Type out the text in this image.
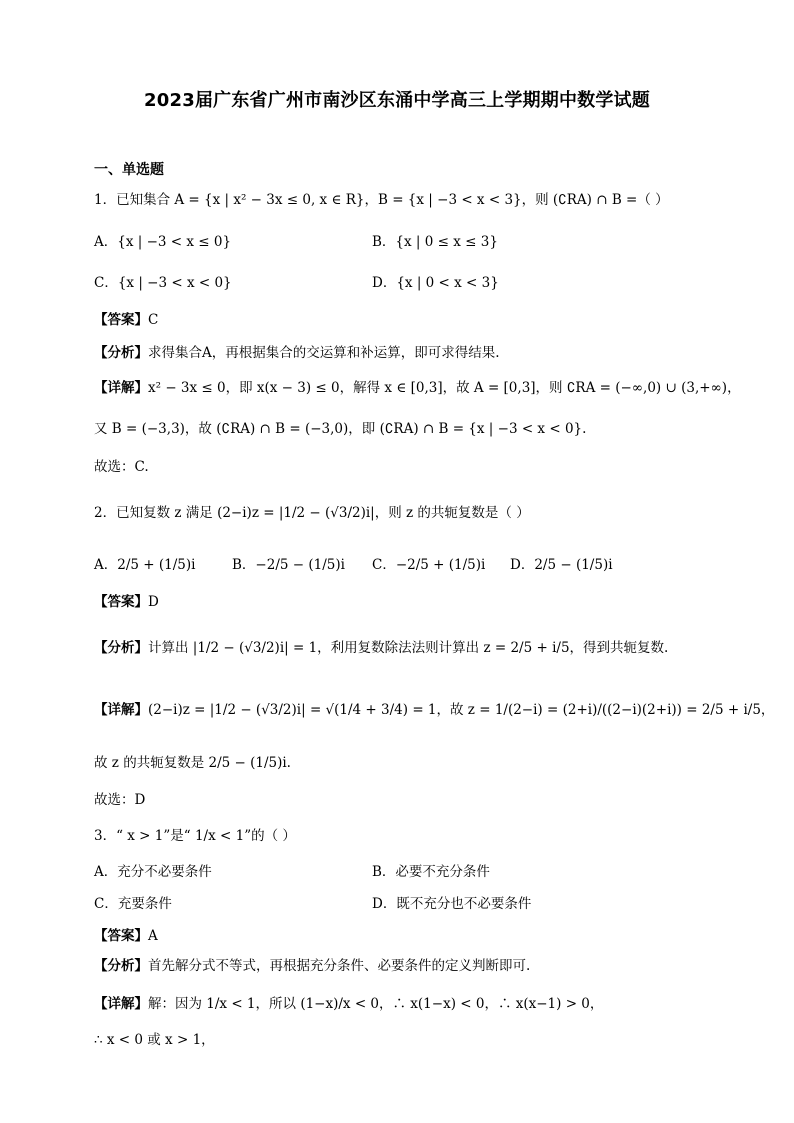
2023届广东省广州市南沙区东涌中学高三上学期期中数学试题
一、单选题
1．已知集合 A = {x | x² − 3x ≤ 0, x ∈ R}，B = {x | −3 < x < 3}，则 (∁RA) ∩ B =（ ）
A．{x | −3 < x ≤ 0}	B．{x | 0 ≤ x ≤ 3}
C．{x | −3 < x < 0}	D．{x | 0 < x < 3}
【答案】C
【分析】求得集合A，再根据集合的交运算和补运算，即可求得结果.
【详解】x² − 3x ≤ 0，即 x(x − 3) ≤ 0，解得 x ∈ [0,3]，故 A = [0,3]，则 ∁RA = (−∞,0) ∪ (3,+∞)，
又 B = (−3,3)，故 (∁RA) ∩ B = (−3,0)，即 (∁RA) ∩ B = {x | −3 < x < 0}.
故选：C.
2．已知复数 z 满足 (2−i)z = |1/2 − (√3/2)i|，则 z 的共轭复数是（ ）
A．2/5 + (1/5)i	B．−2/5 − (1/5)i C．−2/5 + (1/5)i D．2/5 − (1/5)i
【答案】D
【分析】计算出 |1/2 − (√3/2)i| = 1，利用复数除法法则计算出 z = 2/5 + i/5，得到共轭复数.
【详解】(2−i)z = |1/2 − (√3/2)i| = √(1/4 + 3/4) = 1，故 z = 1/(2−i) = (2+i)/((2−i)(2+i)) = 2/5 + i/5，
故 z 的共轭复数是 2/5 − (1/5)i.
故选：D
3．“ x > 1”是“ 1/x < 1”的（ ）
A．充分不必要条件	B．必要不充分条件
C．充要条件	D．既不充分也不必要条件
【答案】A
【分析】首先解分式不等式，再根据充分条件、必要条件的定义判断即可.
【详解】解：因为 1/x < 1，所以 (1−x)/x < 0，∴ x(1−x) < 0，∴ x(x−1) > 0，
∴ x < 0 或 x > 1，
